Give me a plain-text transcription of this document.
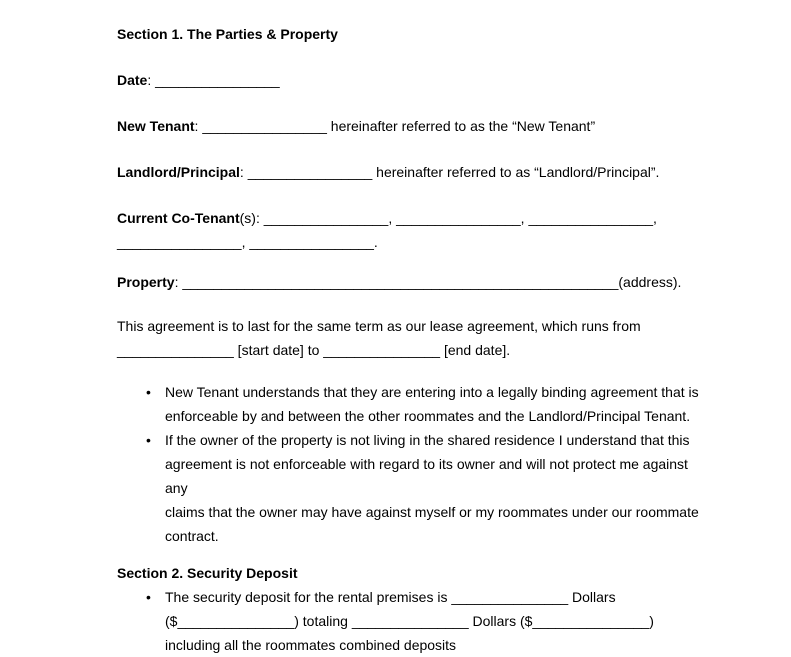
Section 1. The Parties & Property

Date: ________________

New Tenant: ________________ hereinafter referred to as the “New Tenant”

Landlord/Principal: ________________ hereinafter referred to as “Landlord/Principal”.

Current Co-Tenant(s): ________________, ________________, ________________,
________________, ________________.

Property: ________________________________________________________(address).

This agreement is to last for the same term as our lease agreement, which runs from
_______________ [start date] to _______________ [end date].

• New Tenant understands that they are entering into a legally binding agreement that is
enforceable by and between the other roommates and the Landlord/Principal Tenant.
• If the owner of the property is not living in the shared residence I understand that this
agreement is not enforceable with regard to its owner and will not protect me against any
claims that the owner may have against myself or my roommates under our roommate
contract.

Section 2. Security Deposit

• The security deposit for the rental premises is _______________ Dollars
($_______________) totaling _______________ Dollars ($_______________)
including all the roommates combined deposits
